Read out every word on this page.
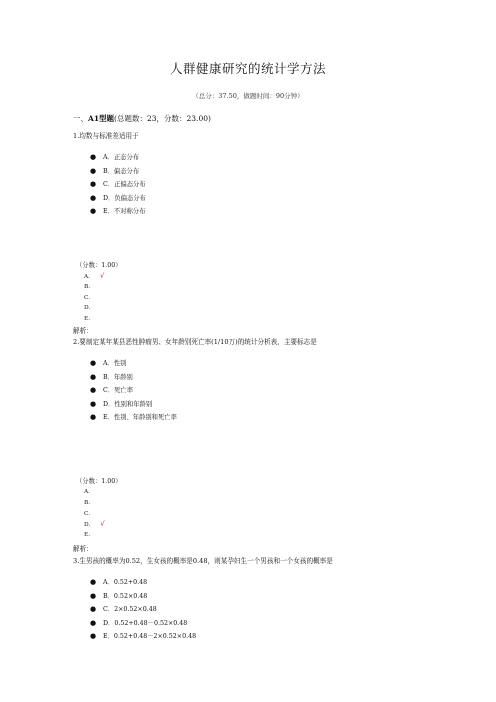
人群健康研究的统计学方法
（总分：37.50，做题时间：90分钟）
一、A1型题(总题数：23，分数：23.00)
1.均数与标准差适用于
● A．正态分布
● B．偏态分布
● C．正偏态分布
● D．负偏态分布
● E．不对称分布
（分数：1.00）
A. √
B.
C.
D.
E.
解析：
2.要制定某年某县恶性肿瘤男、女年龄别死亡率(1/10万)的统计分析表，主要标志是
● A．性别
● B．年龄别
● C．死亡率
● D．性别和年龄别
● E．性别、年龄别和死亡率
（分数：1.00）
A.
B.
C.
D. √
E.
解析：
3.生男孩的概率为0.52，生女孩的概率是0.48，则某孕妇生一个男孩和一个女孩的概率是
● A．0.52+0.48
● B．0.52×0.48
● C．2×0.52×0.48
● D．0.52+0.48－0.52×0.48
● E．0.52+0.48－2×0.52×0.48
